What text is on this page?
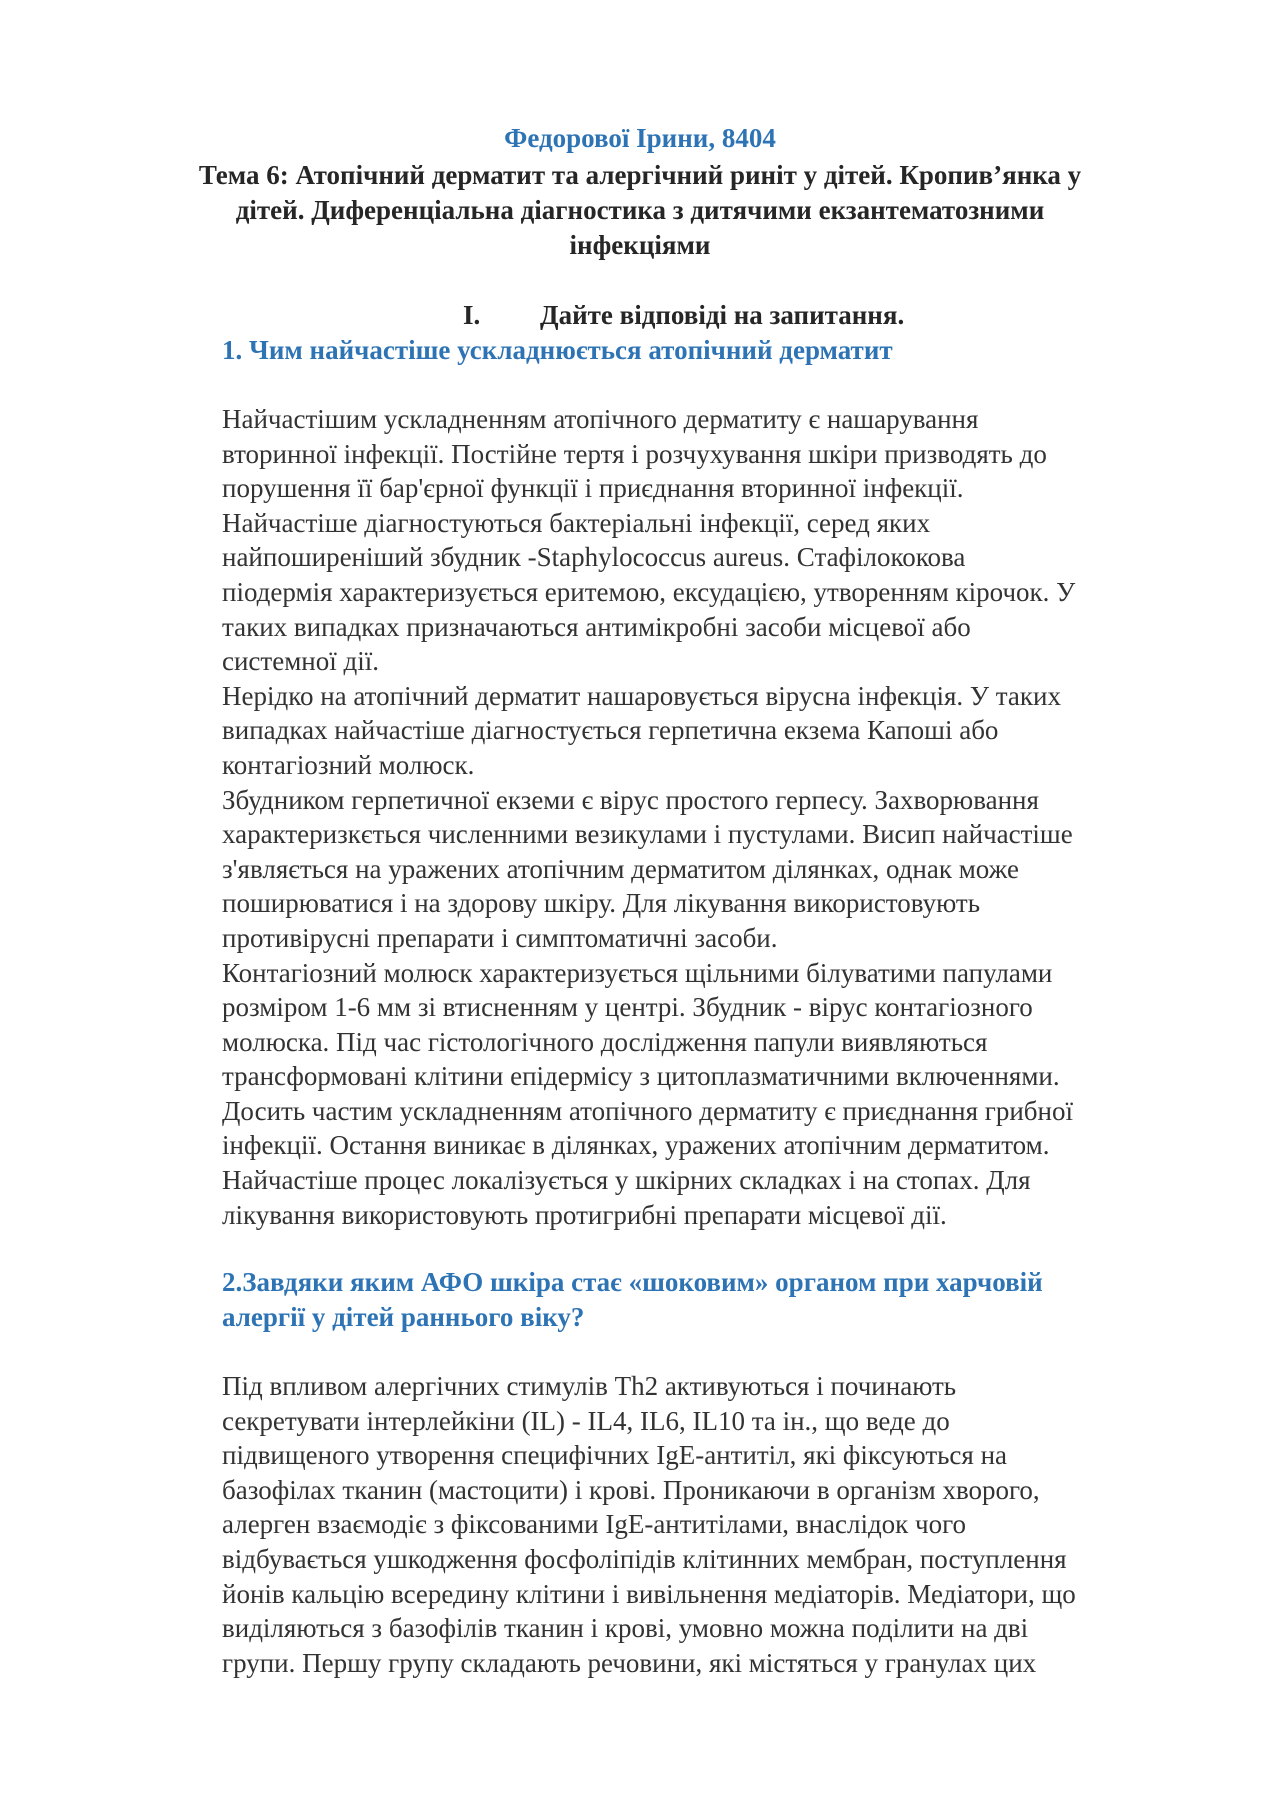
Федорової Ірини, 8404
Тема 6: Атопічний дерматит та алергічний риніт у дітей. Кропив’янка у
дітей. Диференціальна діагностика з дитячими екзантематозними
інфекціями
I. Дайте відповіді на запитання.
1. Чим найчастіше ускладнюється атопічний дерматит
Найчастішим ускладненням атопічного дерматиту є нашарування
вторинної інфекції. Постійне тертя і розчухування шкіри призводять до
порушення її бар'єрної функції і приєднання вторинної інфекції.
Найчастіше діагностуються бактеріальні інфекції, серед яких
найпоширеніший збудник -Staphylococcus aureus. Стафілококова
піодермія характеризується еритемою, ексудацією, утворенням кірочок. У
таких випадках призначаються антимікробні засоби місцевої або
системної дії.
Нерідко на атопічний дерматит нашаровується вірусна інфекція. У таких
випадках найчастіше діагностується герпетична екзема Капоші або
контагіозний молюск.
Збудником герпетичної екземи є вірус простого герпесу. Захворювання
характеризкється численними везикулами і пустулами. Висип найчастіше
з'являється на уражених атопічним дерматитом ділянках, однак може
поширюватися і на здорову шкіру. Для лікування використовують
противірусні препарати і симптоматичні засоби.
Контагіозний молюск характеризується щільними білуватими папулами
розміром 1-6 мм зі втисненням у центрі. Збудник - вірус контагіозного
молюска. Під час гістологічного дослідження папули виявляються
трансформовані клітини епідермісу з цитоплазматичними включеннями.
Досить частим ускладненням атопічного дерматиту є приєднання грибної
інфекції. Остання виникає в ділянках, уражених атопічним дерматитом.
Найчастіше процес локалізується у шкірних складках і на стопах. Для
лікування використовують протигрибні препарати місцевої дії.
2.Завдяки яким АФО шкіра стає «шоковим» органом при харчовій
алергії у дітей раннього віку?
Під впливом алергічних стимулів Th2 активуються і починають
секретувати інтерлейкіни (IL) - IL4, IL6, IL10 та ін., що веде до
підвищеного утворення специфічних IgE-антитіл, які фіксуються на
базофілах тканин (мастоцити) і крові. Проникаючи в організм хворого,
алерген взаємодіє з фіксованими IgE-антитілами, внаслідок чого
відбувається ушкодження фосфоліпідів клітинних мембран, поступлення
йонів кальцію всередину клітини і вивільнення медіаторів. Медіатори, що
виділяються з базофілів тканин і крові, умовно можна поділити на дві
групи. Першу групу складають речовини, які містяться у гранулах цих
